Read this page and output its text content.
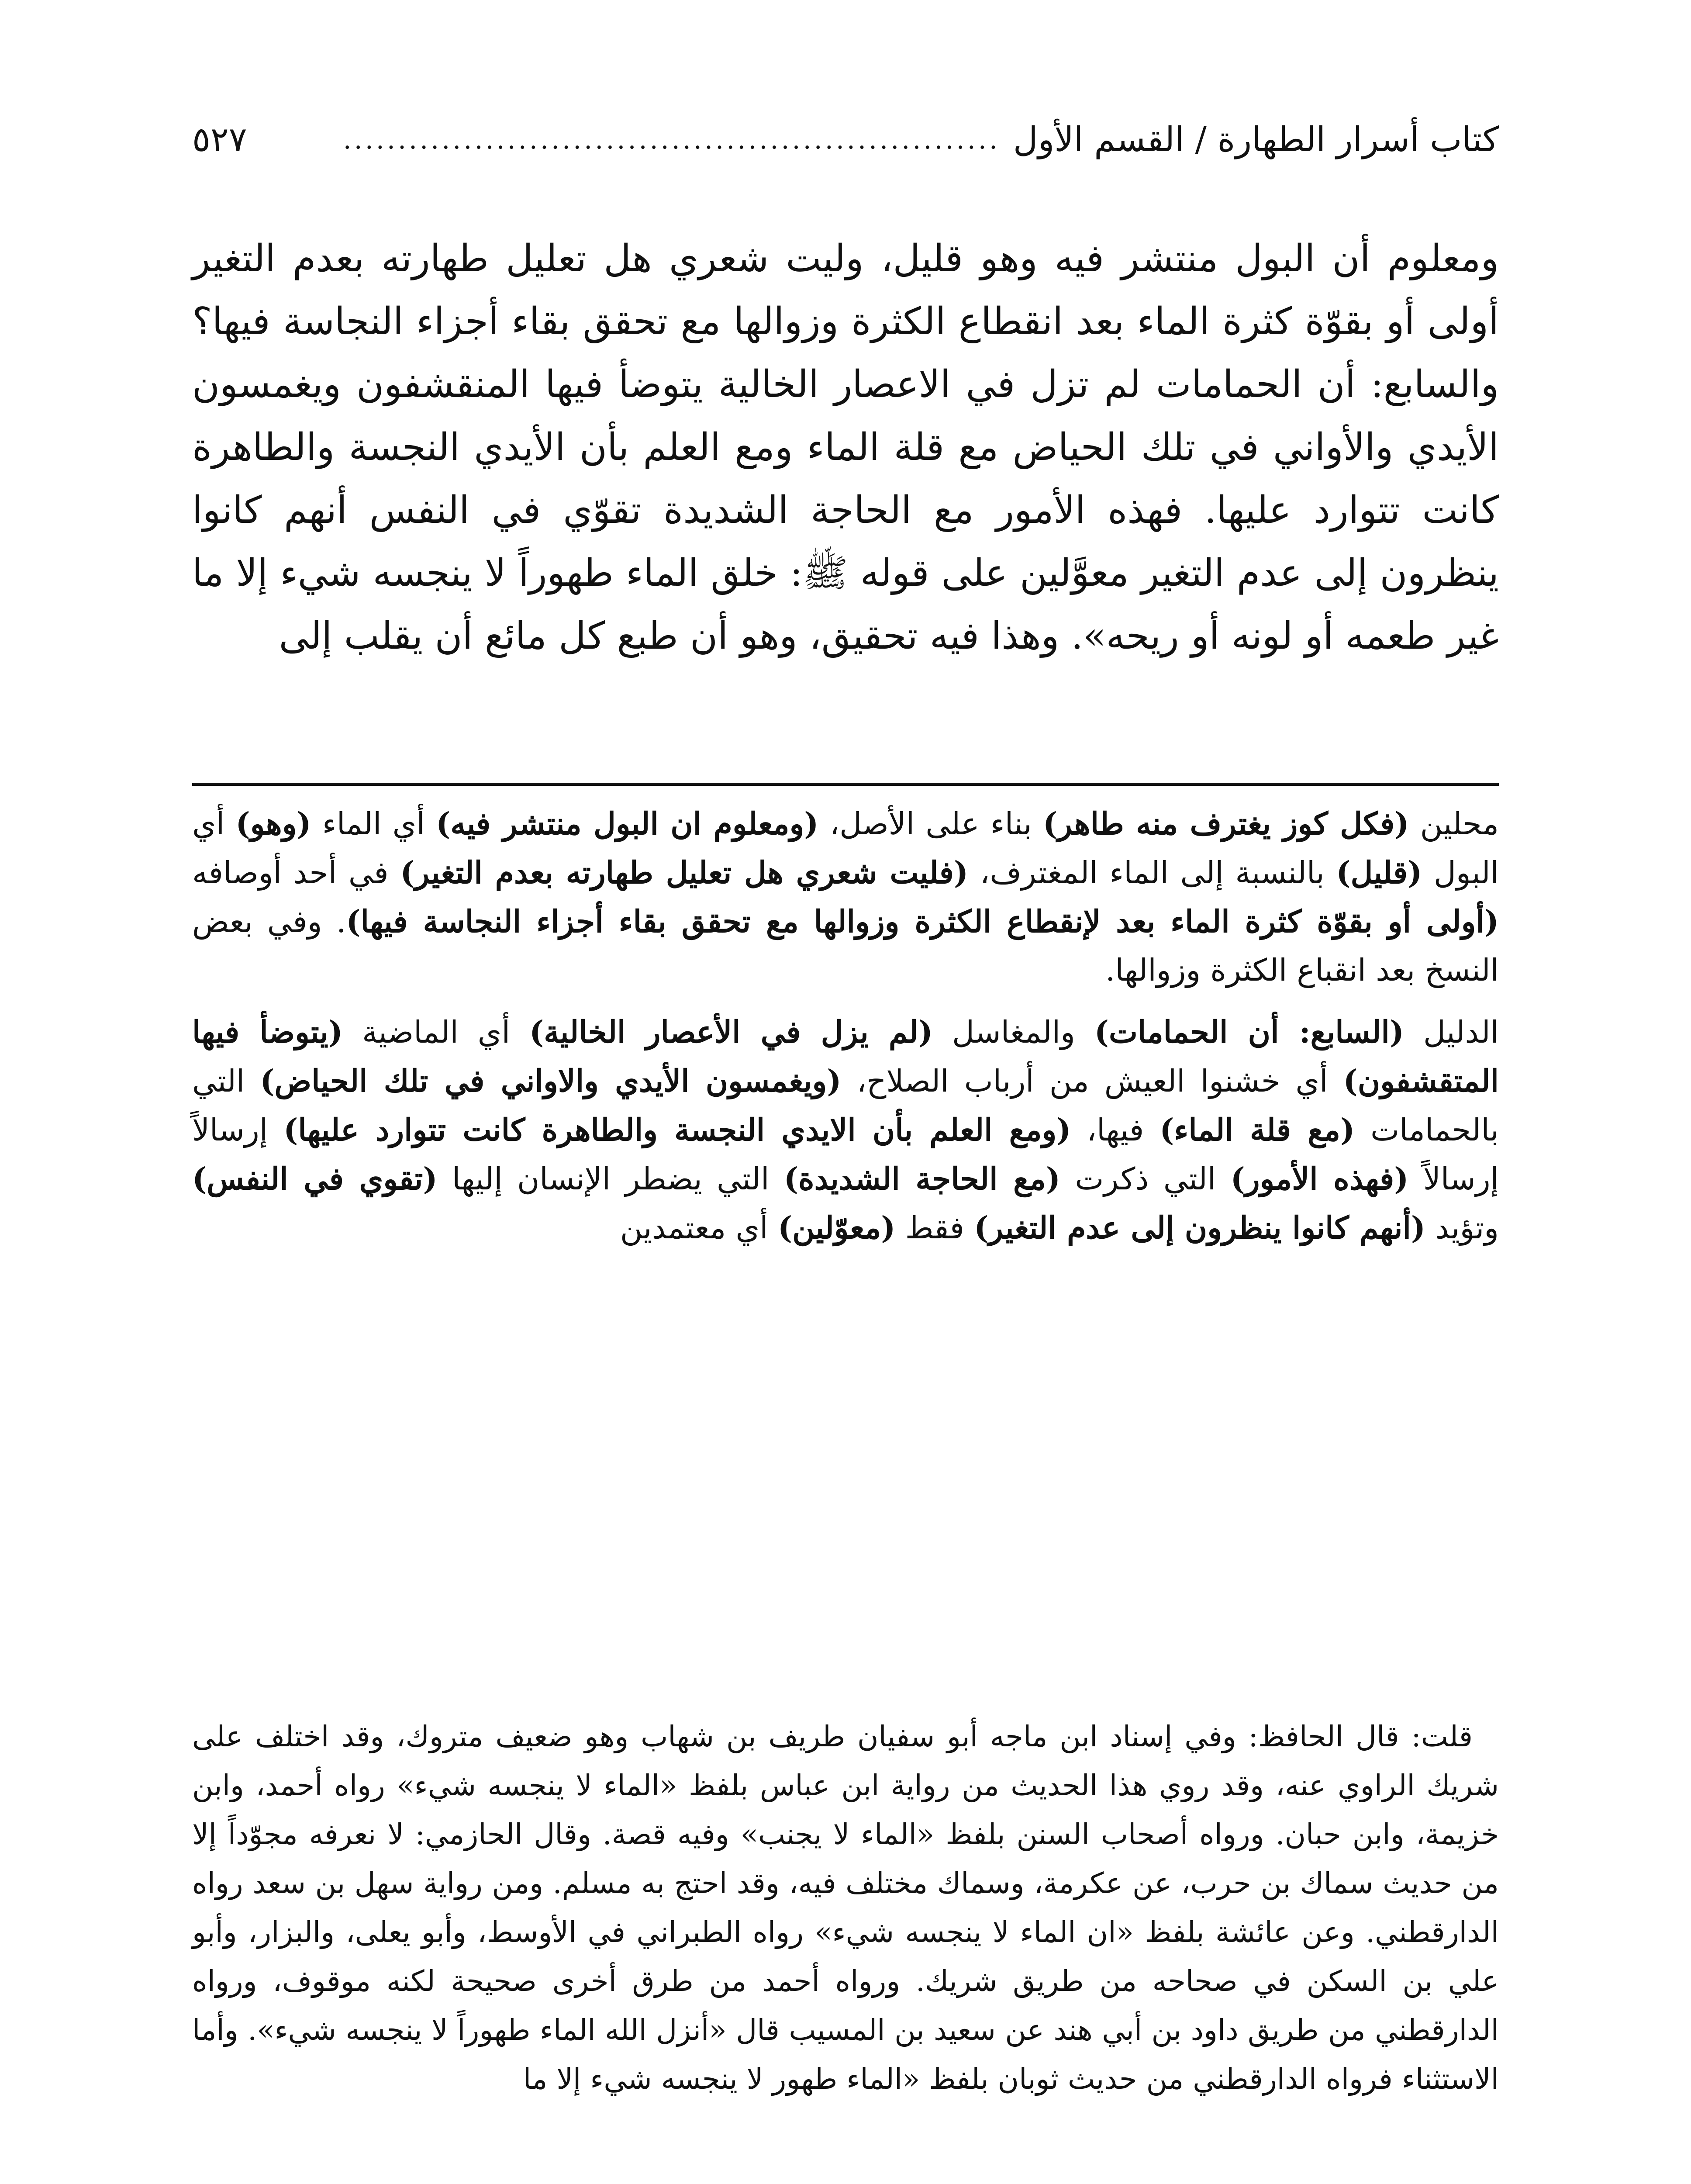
كتاب أسرار الطهارة / القسم الأول
............................................................
٥٢٧

ومعلوم أن البول منتشر فيه وهو قليل، وليت شعري هل تعليل طهارته بعدم التغير أولى أو بقوّة كثرة الماء بعد انقطاع الكثرة وزوالها مع تحقق بقاء أجزاء النجاسة فيها؟ والسابع: أن الحمامات لم تزل في الاعصار الخالية يتوضأ فيها المنقشفون ويغمسون الأيدي والأواني في تلك الحياض مع قلة الماء ومع العلم بأن الأيدي النجسة والطاهرة كانت تتوارد عليها. فهذه الأمور مع الحاجة الشديدة تقوّي في النفس أنهم كانوا ينظرون إلى عدم التغير معوَّلين على قوله ﷺ: خلق الماء طهوراً لا ينجسه شيء إلا ما غير طعمه أو لونه أو ريحه». وهذا فيه تحقيق، وهو أن طبع كل مائع أن يقلب إلى

محلين (فكل كوز يغترف منه طاهر) بناء على الأصل، (ومعلوم ان البول منتشر فيه) أي الماء (وهو) أي البول (قليل) بالنسبة إلى الماء المغترف، (فليت شعري هل تعليل طهارته بعدم التغير) في أحد أوصافه (أولى أو بقوّة كثرة الماء بعد لإنقطاع الكثرة وزوالها مع تحقق بقاء أجزاء النجاسة فيها). وفي بعض النسخ بعد انقباع الكثرة وزوالها.

الدليل (السابع: أن الحمامات) والمغاسل (لم يزل في الأعصار الخالية) أي الماضية (يتوضأ فيها المتقشفون) أي خشنوا العيش من أرباب الصلاح، (ويغمسون الأيدي والاواني في تلك الحياض) التي بالحمامات (مع قلة الماء) فيها، (ومع العلم بأن الايدي النجسة والطاهرة كانت تتوارد عليها) إرسالاً إرسالاً (فهذه الأمور) التي ذكرت (مع الحاجة الشديدة) التي يضطر الإنسان إليها (تقوي في النفس) وتؤيد (أنهم كانوا ينظرون إلى عدم التغير) فقط (معوّلين) أي معتمدين

قلت: قال الحافظ: وفي إسناد ابن ماجه أبو سفيان طريف بن شهاب وهو ضعيف متروك، وقد اختلف على شريك الراوي عنه، وقد روي هذا الحديث من رواية ابن عباس بلفظ «الماء لا ينجسه شيء» رواه أحمد، وابن خزيمة، وابن حبان. ورواه أصحاب السنن بلفظ «الماء لا يجنب» وفيه قصة. وقال الحازمي: لا نعرفه مجوّداً إلا من حديث سماك بن حرب، عن عكرمة، وسماك مختلف فيه، وقد احتج به مسلم. ومن رواية سهل بن سعد رواه الدارقطني. وعن عائشة بلفظ «ان الماء لا ينجسه شيء» رواه الطبراني في الأوسط، وأبو يعلى، والبزار، وأبو علي بن السكن في صحاحه من طريق شريك. ورواه أحمد من طرق أخرى صحيحة لكنه موقوف، ورواه الدارقطني من طريق داود بن أبي هند عن سعيد بن المسيب قال «أنزل الله الماء طهوراً لا ينجسه شيء». وأما الاستثناء فرواه الدارقطني من حديث ثوبان بلفظ «الماء طهور لا ينجسه شيء إلا ما
